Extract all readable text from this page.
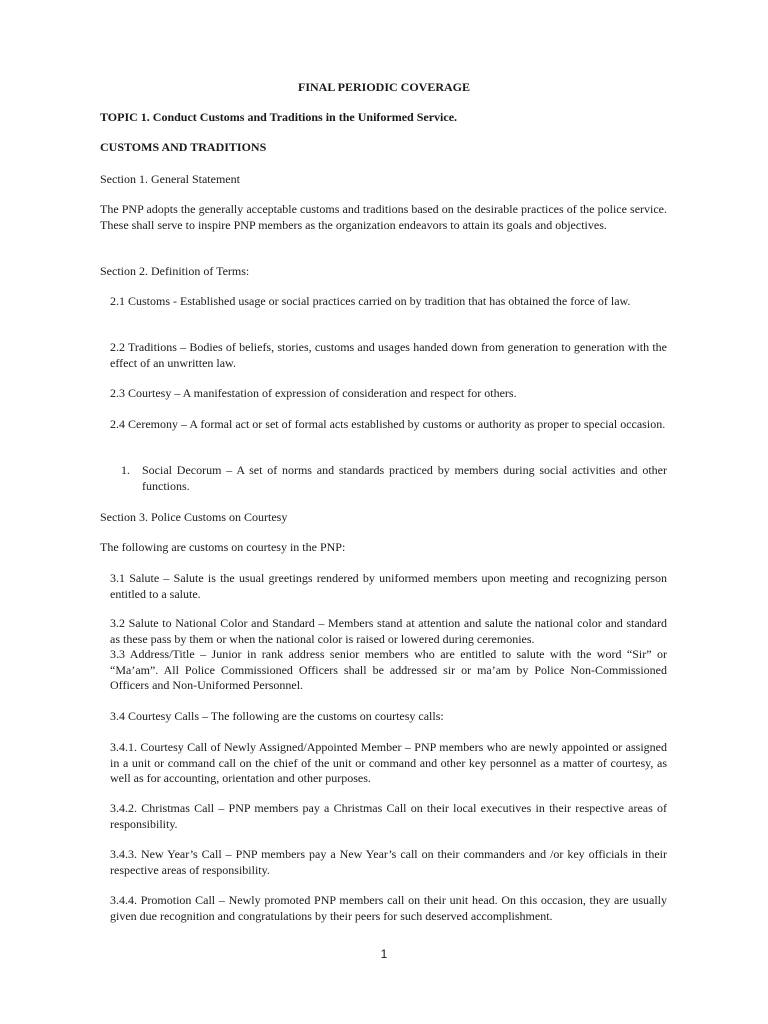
FINAL PERIODIC COVERAGE

TOPIC 1. Conduct Customs and Traditions in the Uniformed Service.

CUSTOMS AND TRADITIONS

Section 1. General Statement

The PNP adopts the generally acceptable customs and traditions based on the desirable practices of the police service. These shall serve to inspire PNP members as the organization endeavors to attain its goals and objectives.

Section 2. Definition of Terms:

2.1 Customs - Established usage or social practices carried on by tradition that has obtained the force of law.

2.2 Traditions – Bodies of beliefs, stories, customs and usages handed down from generation to generation with the effect of an unwritten law.

2.3 Courtesy – A manifestation of expression of consideration and respect for others.

2.4 Ceremony – A formal act or set of formal acts established by customs or authority as proper to special occasion.

1. Social Decorum – A set of norms and standards practiced by members during social activities and other functions.

Section 3. Police Customs on Courtesy

The following are customs on courtesy in the PNP:

3.1 Salute – Salute is the usual greetings rendered by uniformed members upon meeting and recognizing person entitled to a salute.

3.2 Salute to National Color and Standard – Members stand at attention and salute the national color and standard as these pass by them or when the national color is raised or lowered during ceremonies.

3.3 Address/Title – Junior in rank address senior members who are entitled to salute with the word “Sir” or “Ma’am”. All Police Commissioned Officers shall be addressed sir or ma’am by Police Non-Commissioned Officers and Non-Uniformed Personnel.

3.4 Courtesy Calls – The following are the customs on courtesy calls:

3.4.1. Courtesy Call of Newly Assigned/Appointed Member – PNP members who are newly appointed or assigned in a unit or command call on the chief of the unit or command and other key personnel as a matter of courtesy, as well as for accounting, orientation and other purposes.

3.4.2. Christmas Call – PNP members pay a Christmas Call on their local executives in their respective areas of responsibility.

3.4.3. New Year’s Call – PNP members pay a New Year’s call on their commanders and /or key officials in their respective areas of responsibility.

3.4.4. Promotion Call – Newly promoted PNP members call on their unit head. On this occasion, they are usually given due recognition and congratulations by their peers for such deserved accomplishment.

1
